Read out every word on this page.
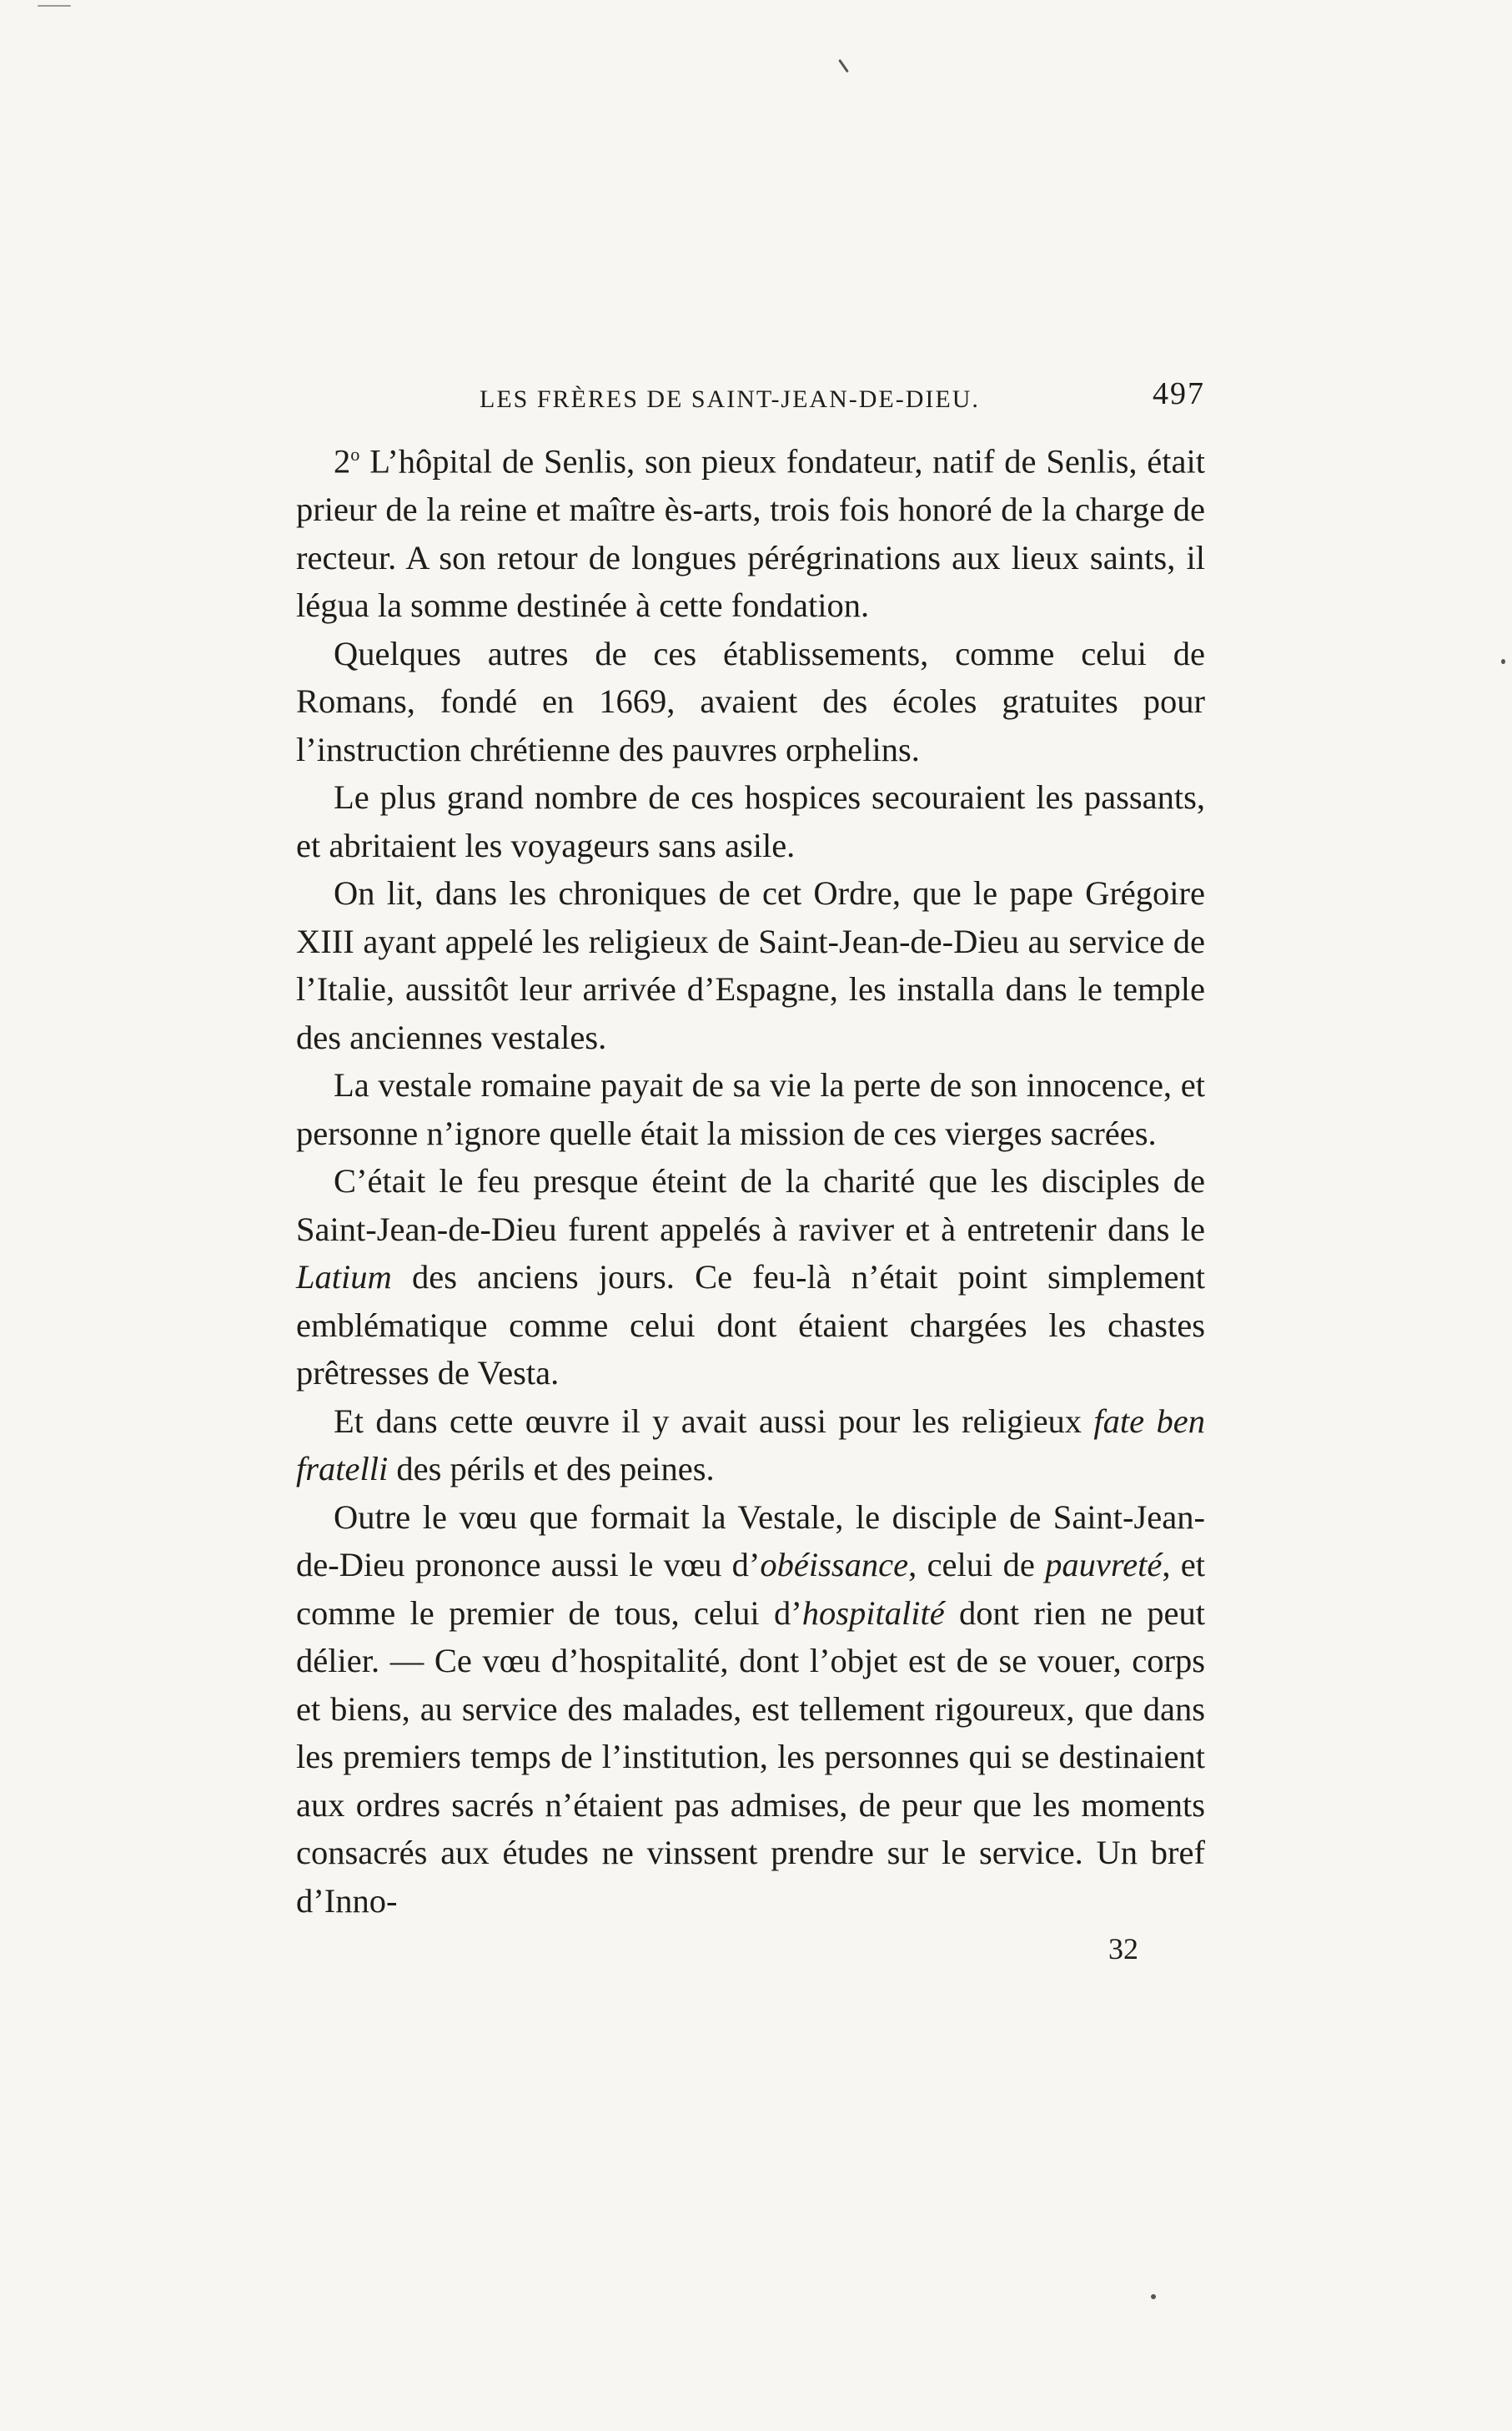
LES FRÈRES DE SAINT-JEAN-DE-DIEU.	497

2$^o$ L’hôpital de Senlis, son pieux fondateur, natif de Senlis, était prieur de la reine et maître ès-arts, trois fois honoré de la charge de recteur. A son retour de longues pérégrinations aux lieux saints, il légua la somme destinée à cette fondation.

Quelques autres de ces établissements, comme celui de Romans, fondé en 1669, avaient des écoles gratuites pour l’instruction chrétienne des pauvres orphelins.

Le plus grand nombre de ces hospices secouraient les passants, et abritaient les voyageurs sans asile.

On lit, dans les chroniques de cet Ordre, que le pape Grégoire XIII ayant appelé les religieux de Saint-Jean-de-Dieu au service de l’Italie, aussitôt leur arrivée d’Espagne, les installa dans le temple des anciennes vestales.

La vestale romaine payait de sa vie la perte de son innocence, et personne n’ignore quelle était la mission de ces vierges sacrées.

C’était le feu presque éteint de la charité que les disciples de Saint-Jean-de-Dieu furent appelés à raviver et à entretenir dans le Latium des anciens jours. Ce feu-là n’était point simplement emblématique comme celui dont étaient chargées les chastes prêtresses de Vesta.

Et dans cette œuvre il y avait aussi pour les religieux fate ben fratelli des périls et des peines.

Outre le vœu que formait la Vestale, le disciple de Saint-Jean-de-Dieu prononce aussi le vœu d’obéissance, celui de pauvreté, et comme le premier de tous, celui d’hospitalité dont rien ne peut délier. — Ce vœu d’hospitalité, dont l’objet est de se vouer, corps et biens, au service des malades, est tellement rigoureux, que dans les premiers temps de l’institution, les personnes qui se destinaient aux ordres sacrés n’étaient pas admises, de peur que les moments consacrés aux études ne vinssent prendre sur le service. Un bref d’Inno-

32
